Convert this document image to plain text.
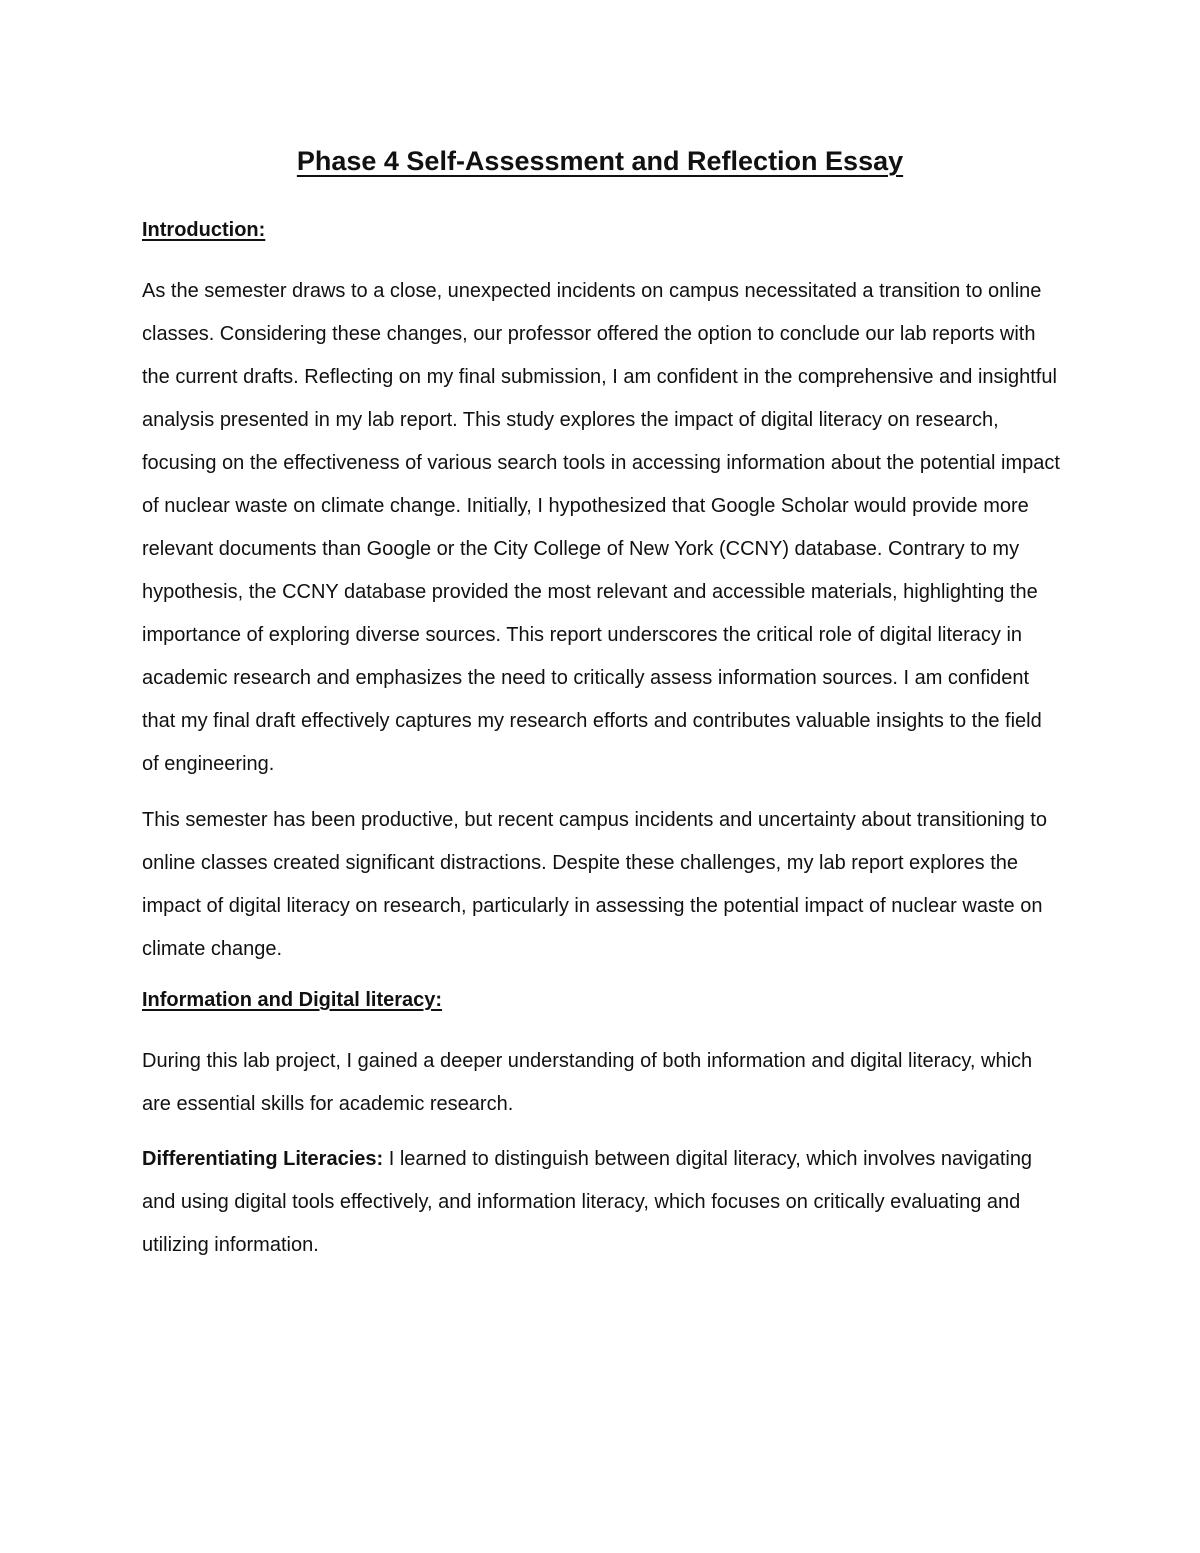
Phase 4 Self-Assessment and Reflection Essay
Introduction:

As the semester draws to a close, unexpected incidents on campus necessitated a transition to online classes. Considering these changes, our professor offered the option to conclude our lab reports with the current drafts. Reflecting on my final submission, I am confident in the comprehensive and insightful analysis presented in my lab report. This study explores the impact of digital literacy on research, focusing on the effectiveness of various search tools in accessing information about the potential impact of nuclear waste on climate change. Initially, I hypothesized that Google Scholar would provide more relevant documents than Google or the City College of New York (CCNY) database. Contrary to my hypothesis, the CCNY database provided the most relevant and accessible materials, highlighting the importance of exploring diverse sources. This report underscores the critical role of digital literacy in academic research and emphasizes the need to critically assess information sources. I am confident that my final draft effectively captures my research efforts and contributes valuable insights to the field of engineering.

This semester has been productive, but recent campus incidents and uncertainty about transitioning to online classes created significant distractions. Despite these challenges, my lab report explores the impact of digital literacy on research, particularly in assessing the potential impact of nuclear waste on climate change.

Information and Digital literacy:

During this lab project, I gained a deeper understanding of both information and digital literacy, which are essential skills for academic research.

Differentiating Literacies: I learned to distinguish between digital literacy, which involves navigating and using digital tools effectively, and information literacy, which focuses on critically evaluating and utilizing information.
